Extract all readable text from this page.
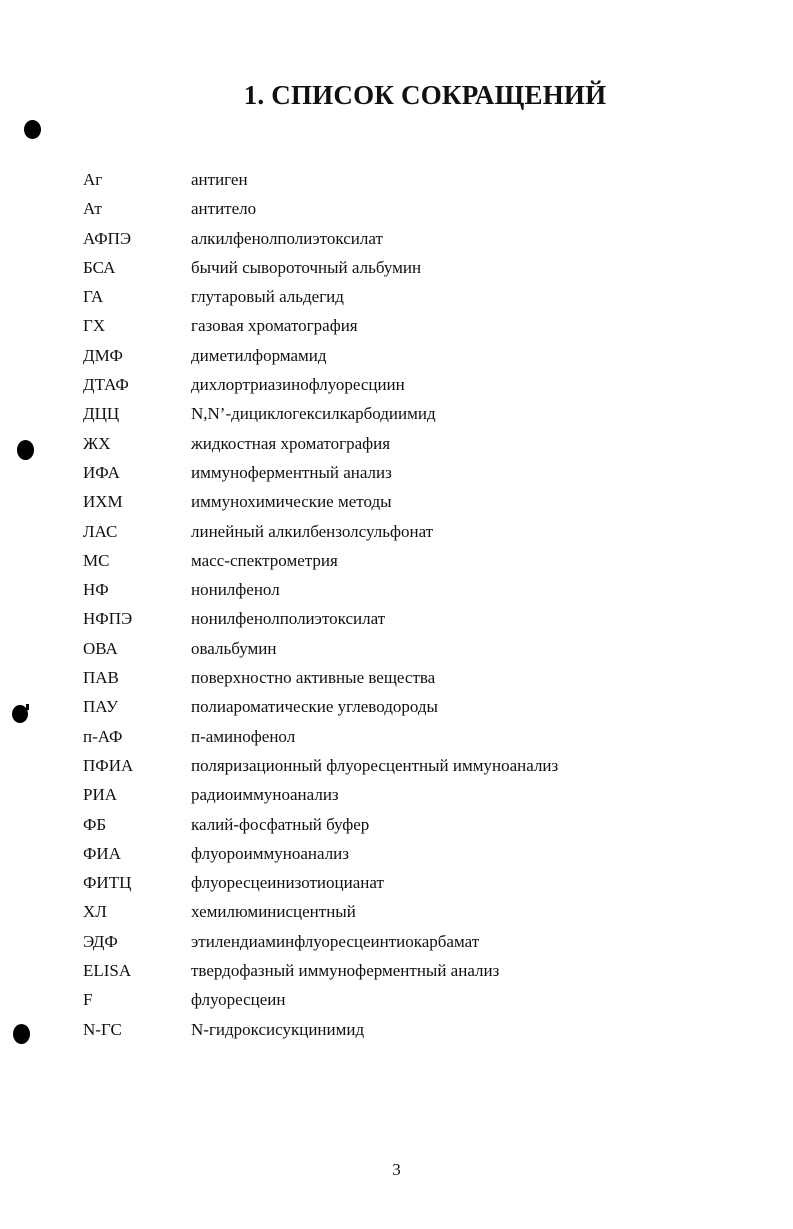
1. СПИСОК СОКРАЩЕНИЙ
Аг	антиген
Ат	антитело
АФПЭ	алкилфенолполиэтоксилат
БСА	бычий сывороточный альбумин
ГА	глутаровый альдегид
ГХ	газовая хроматография
ДМФ	диметилформамид
ДТАФ	дихлортриазинофлуоресциин
ДЦЦ	N,N’-дициклогексилкарбодиимид
ЖХ	жидкостная хроматография
ИФА	иммуноферментный анализ
ИХМ	иммунохимические методы
ЛАС	линейный алкилбензолсульфонат
МС	масс-спектрометрия
НФ	нонилфенол
НФПЭ	нонилфенолполиэтоксилат
ОВА	овальбумин
ПАВ	поверхностно активные вещества
ПАУ	полиароматические углеводороды
п-АФ	п-аминофенол
ПФИА	поляризационный флуоресцентный иммуноанализ
РИА	радиоиммуноанализ
ФБ	калий-фосфатный буфер
ФИА	флуороиммуноанализ
ФИТЦ	флуоресцеинизотиоцианат
ХЛ	хемилюминисцентный
ЭДФ	этилендиаминфлуоресцеинтиокарбамат
ELISA	твердофазный иммуноферментный анализ
F	флуоресцеин
N-ГС	N-гидроксисукцинимид
3
